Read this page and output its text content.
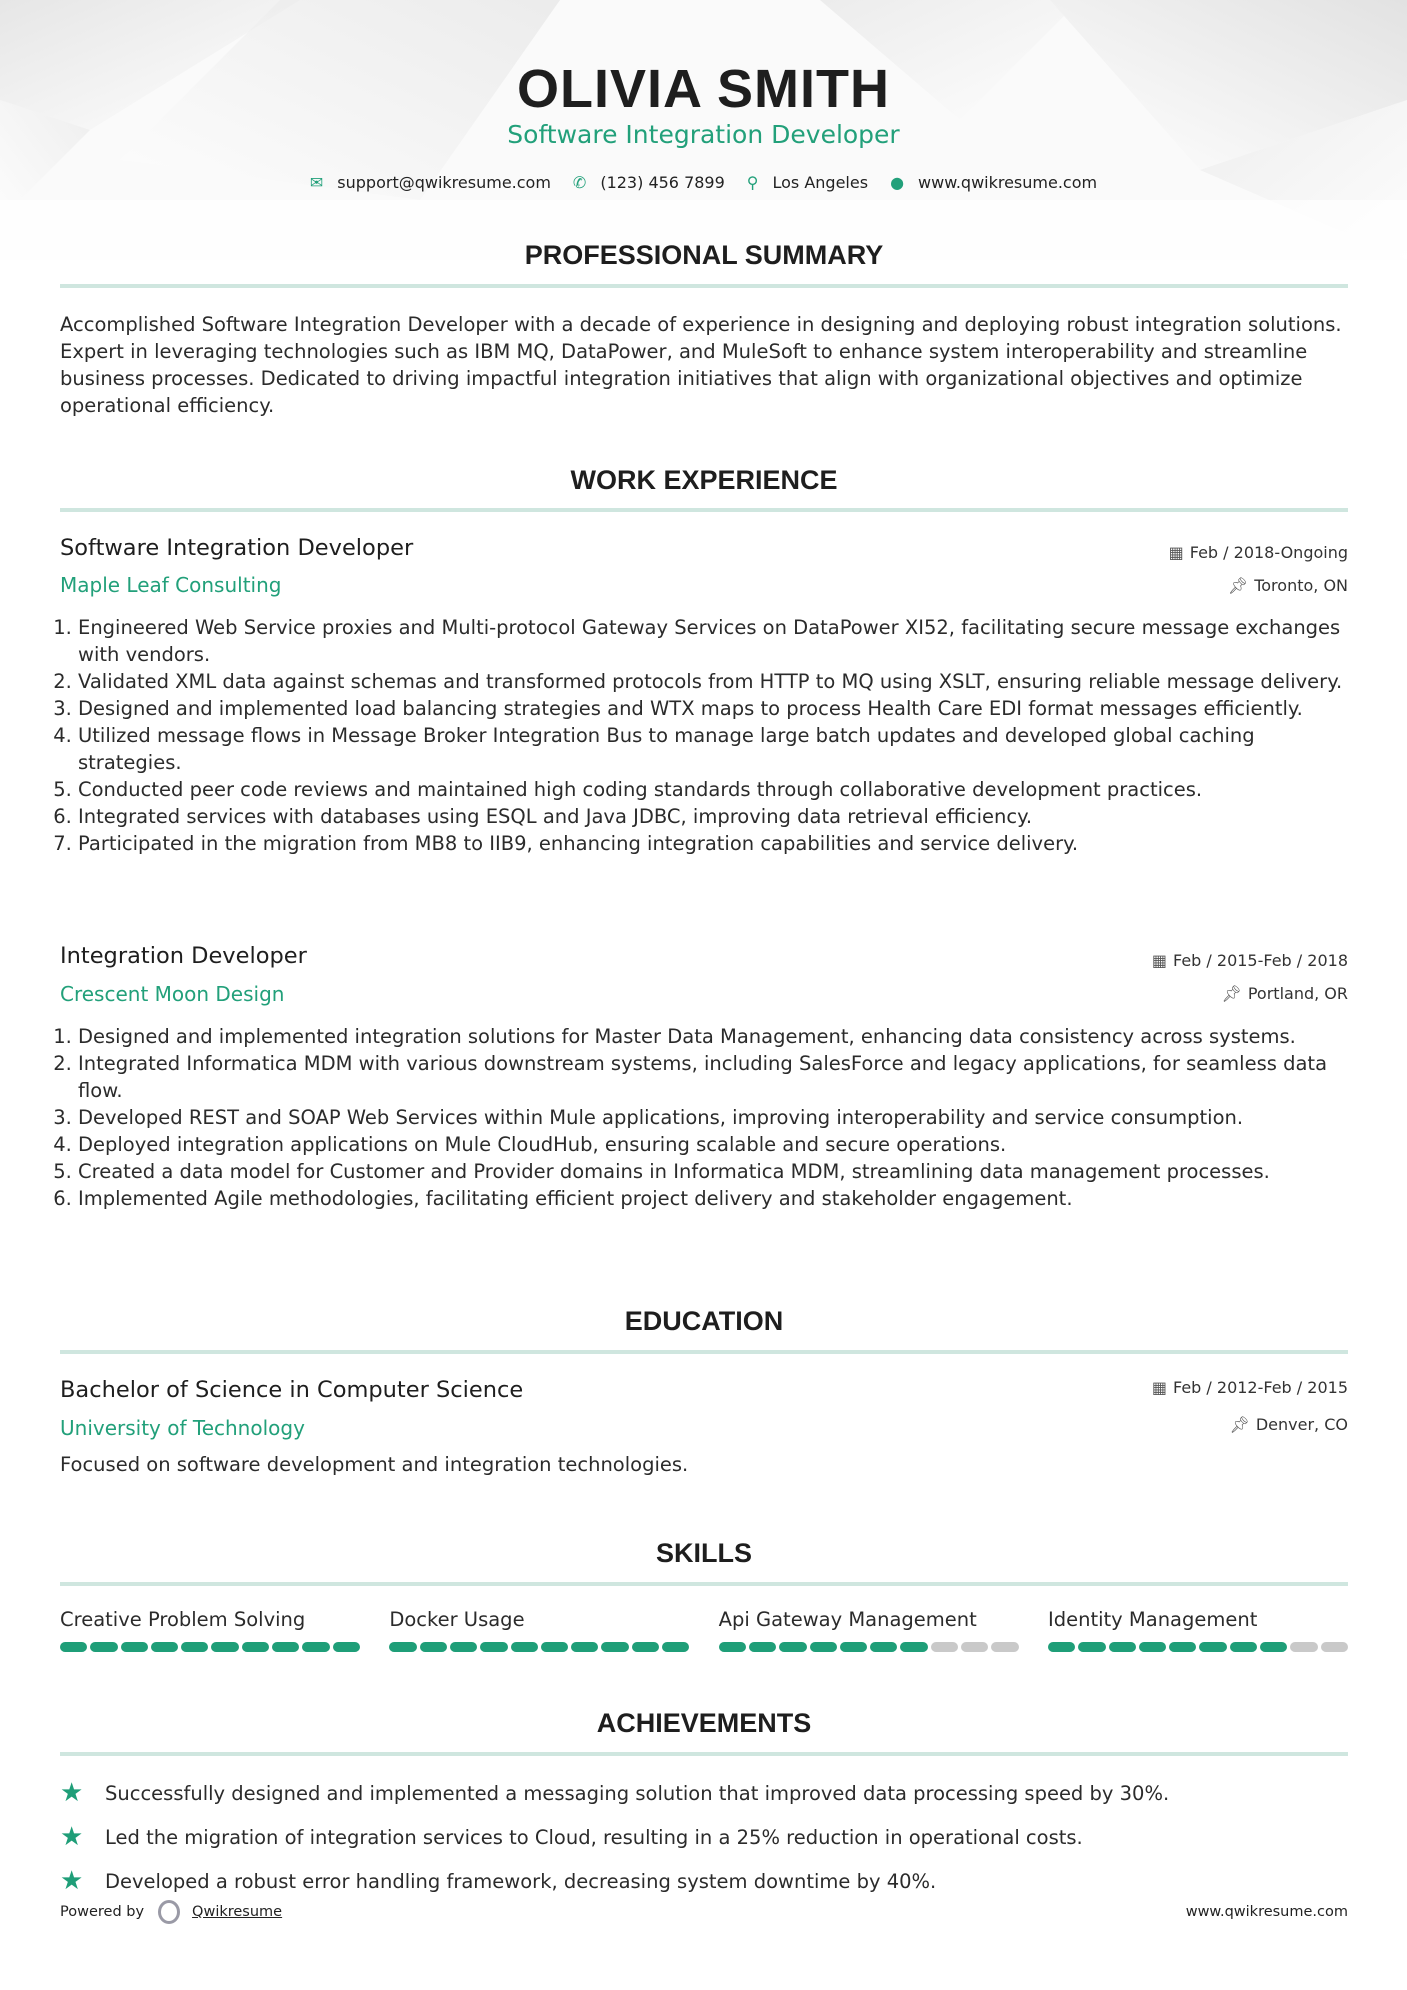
OLIVIA SMITH
Software Integration Developer
✉ support@qwikresume.com ✆ (123) 456 7899 ⚲ Los Angeles ● www.qwikresume.com
PROFESSIONAL SUMMARY
Accomplished Software Integration Developer with a decade of experience in designing and deploying robust integration solutions. Expert in leveraging technologies such as IBM MQ, DataPower, and MuleSoft to enhance system interoperability and streamline business processes. Dedicated to driving impactful integration initiatives that align with organizational objectives and optimize operational efficiency.
WORK EXPERIENCE
Software Integration Developer	▦ Feb / 2018-Ongoing
Maple Leaf Consulting	📌︎ Toronto, ON
1. Engineered Web Service proxies and Multi-protocol Gateway Services on DataPower XI52, facilitating secure message exchanges with vendors.
2. Validated XML data against schemas and transformed protocols from HTTP to MQ using XSLT, ensuring reliable message delivery.
3. Designed and implemented load balancing strategies and WTX maps to process Health Care EDI format messages efficiently.
4. Utilized message flows in Message Broker Integration Bus to manage large batch updates and developed global caching strategies.
5. Conducted peer code reviews and maintained high coding standards through collaborative development practices.
6. Integrated services with databases using ESQL and Java JDBC, improving data retrieval efficiency.
7. Participated in the migration from MB8 to IIB9, enhancing integration capabilities and service delivery.
Integration Developer	▦ Feb / 2015-Feb / 2018
Crescent Moon Design	📌︎ Portland, OR
1. Designed and implemented integration solutions for Master Data Management, enhancing data consistency across systems.
2. Integrated Informatica MDM with various downstream systems, including SalesForce and legacy applications, for seamless data flow.
3. Developed REST and SOAP Web Services within Mule applications, improving interoperability and service consumption.
4. Deployed integration applications on Mule CloudHub, ensuring scalable and secure operations.
5. Created a data model for Customer and Provider domains in Informatica MDM, streamlining data management processes.
6. Implemented Agile methodologies, facilitating efficient project delivery and stakeholder engagement.
EDUCATION
Bachelor of Science in Computer Science	▦ Feb / 2012-Feb / 2015
University of Technology	📌︎ Denver, CO
Focused on software development and integration technologies.
SKILLS
Creative Problem Solving	Docker Usage	Api Gateway Management	Identity Management
ACHIEVEMENTS
★	Successfully designed and implemented a messaging solution that improved data processing speed by 30%.
★	Led the migration of integration services to Cloud, resulting in a 25% reduction in operational costs.
★	Developed a robust error handling framework, decreasing system downtime by 40%.
Powered by	Qwikresume	www.qwikresume.com
